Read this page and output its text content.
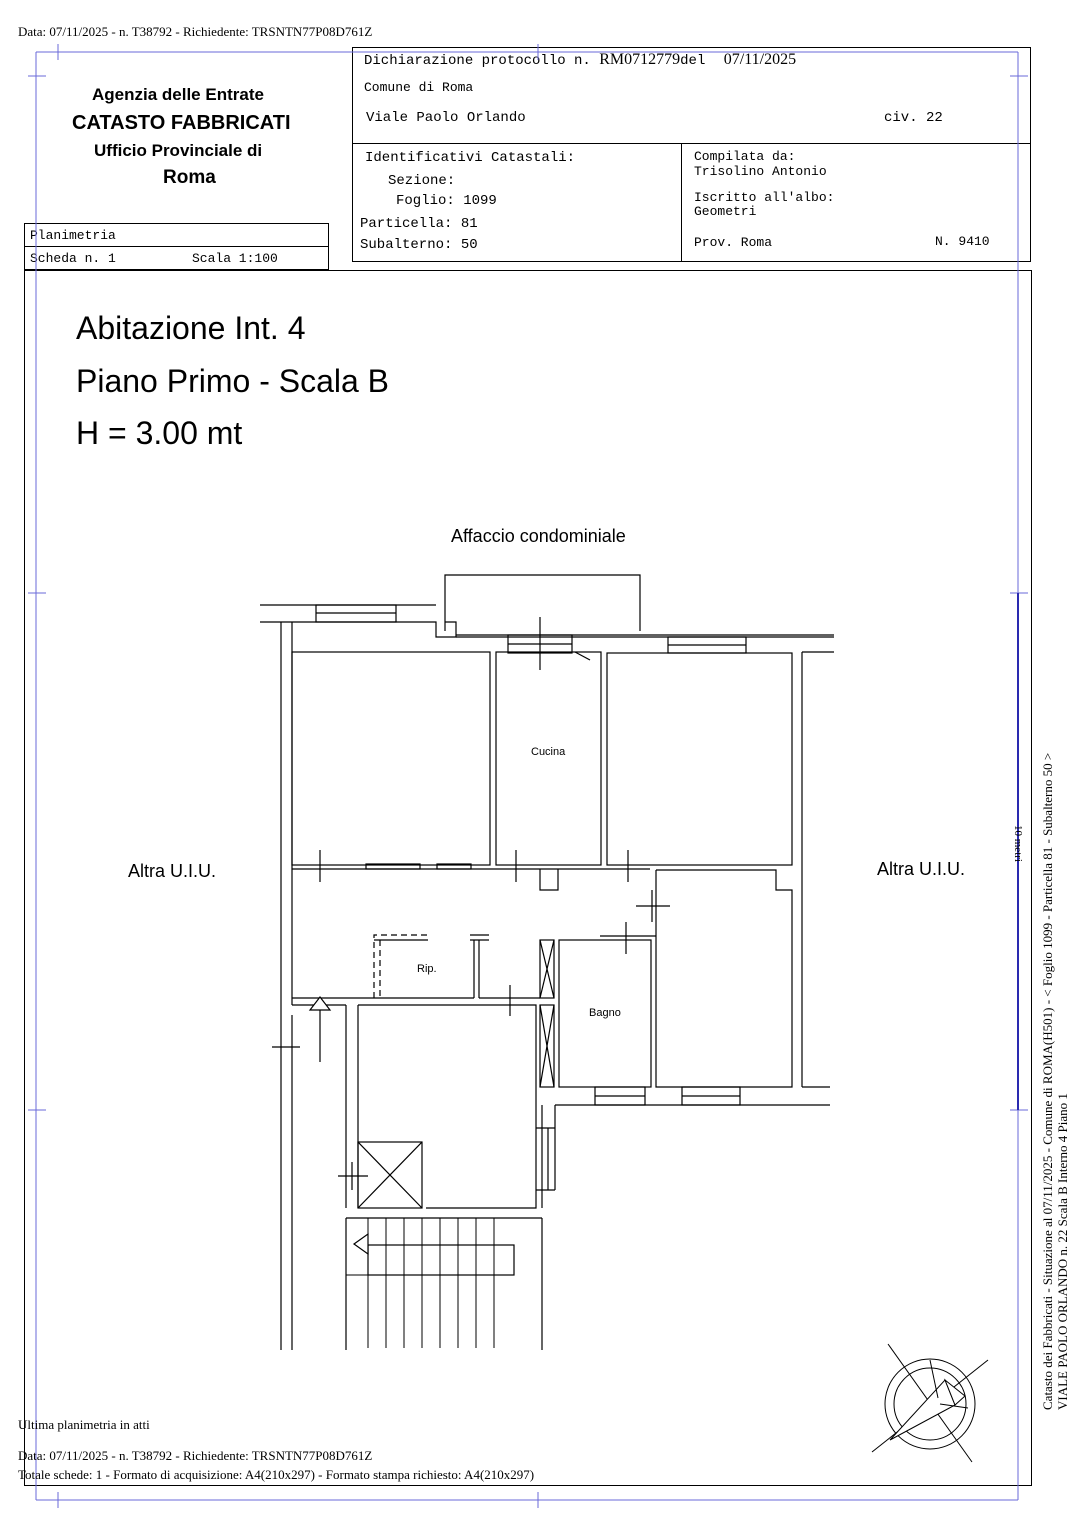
Data: 07/11/2025 - n. T38792 - Richiedente: TRSNTN77P08D761Z
Agenzia delle Entrate
CATASTO FABBRICATI
Ufficio Provinciale di
Roma
Planimetria
Scheda n. 1	Scala 1:100
Dichiarazione protocollo n. RM0712779del 07/11/2025
Comune di Roma
Viale Paolo Orlando	civ. 22
Identificativi Catastali:
Sezione:
Foglio: 1099
Particella: 81
Subalterno: 50
Compilata da:
Trisolino Antonio
Iscritto all'albo:
Geometri
Prov. Roma	N. 9410
Abitazione Int. 4
Piano Primo - Scala B
H = 3.00 mt
Affaccio condominiale
Altra U.I.U.	Altra U.I.U.
Cucina
Rip.
Bagno
10 metri Catasto dei Fabbricati - Situazione al 07/11/2025 - Comune di ROMA(H501) - < Foglio 1099 - Particella 81 - Subalterno 50 > VIALE PAOLO ORLANDO n. 22 Scala B Interno 4 Piano 1
Ultima planimetria in atti
Data: 07/11/2025 - n. T38792 - Richiedente: TRSNTN77P08D761Z
Totale schede: 1 - Formato di acquisizione: A4(210x297) - Formato stampa richiesto: A4(210x297)
